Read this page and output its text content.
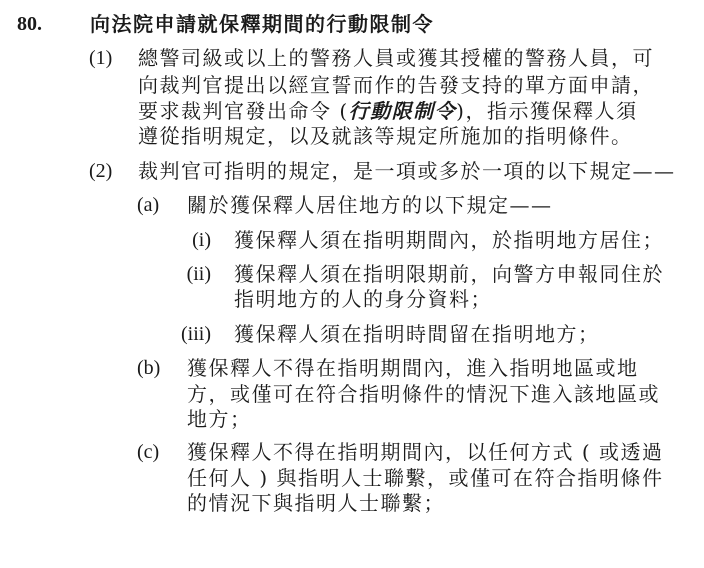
80. 向法院申請就保釋期間的行動限制令
(1) 總警司級或以上的警務人員或獲其授權的警務人員，可
向裁判官提出以經宣誓而作的告發支持的單方面申請，
要求裁判官發出命令 (行動限制令)，指示獲保釋人須
遵從指明規定，以及就該等規定所施加的指明條件。
(2) 裁判官可指明的規定，是一項或多於一項的以下規定——
(a) 關於獲保釋人居住地方的以下規定——
(i) 獲保釋人須在指明期間內，於指明地方居住；
(ii) 獲保釋人須在指明限期前，向警方申報同住於
指明地方的人的身分資料；
(iii) 獲保釋人須在指明時間留在指明地方；
(b) 獲保釋人不得在指明期間內，進入指明地區或地
方，或僅可在符合指明條件的情況下進入該地區或
地方；
(c) 獲保釋人不得在指明期間內，以任何方式 ( 或透過
任何人 ) 與指明人士聯繫，或僅可在符合指明條件
的情況下與指明人士聯繫；
